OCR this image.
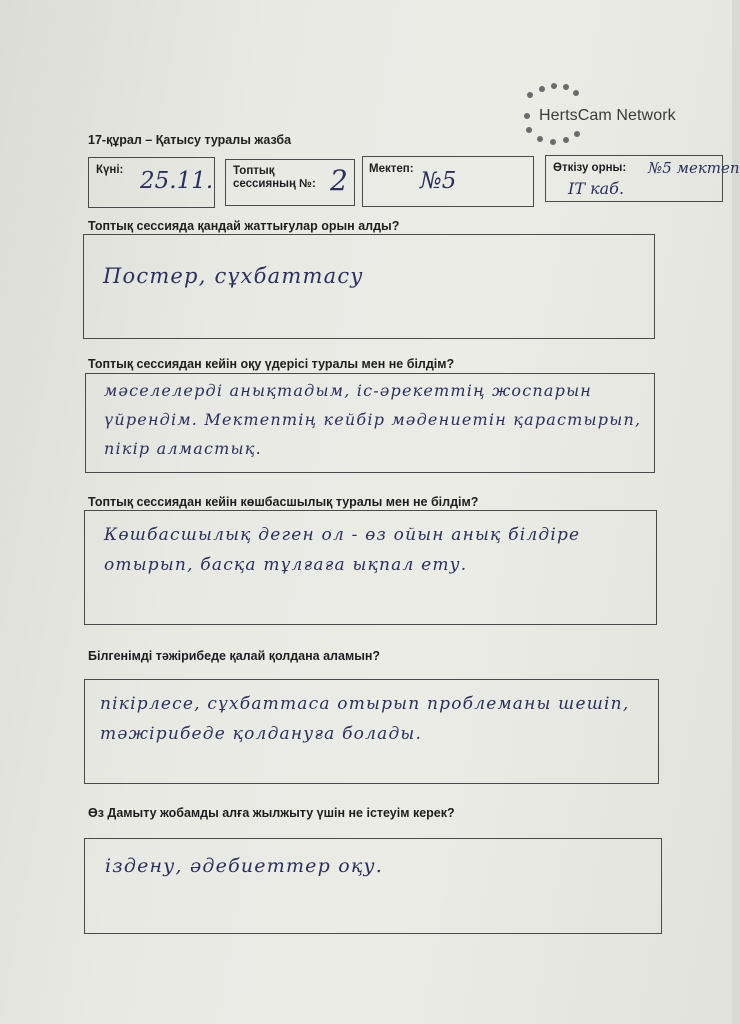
HertsCam Network
17-құрал – Қатысу туралы жазба
Күні: 25.11. Топтық
сессияның №: 2 Мектеп: №5	Өткізу орны: №5 мектеп
ІТ каб.
Топтық сессияда қандай жаттығулар орын алды?
Постер, сұхбаттасу
Топтық сессиядан кейін оқу үдерісі туралы мен не білдім?
мәселелерді анықтадым, іс-әрекеттің жоспарын үйрендім. Мектептің кейбір мәдениетін қарастырып, пікір алмастық.
Топтық сессиядан кейін көшбасшылық туралы мен не білдім?
Көшбасшылық деген ол - өз ойын анық білдіре отырып, басқа тұлғаға ықпал ету.
Білгенімді тәжірибеде қалай қолдана аламын?
пікірлесе, сұхбаттаса отырып проблеманы шешіп, тәжірибеде қолдануға болады.
Өз Дамыту жобамды алға жылжыту үшін не істеуім керек?
іздену, әдебиеттер оқу.
